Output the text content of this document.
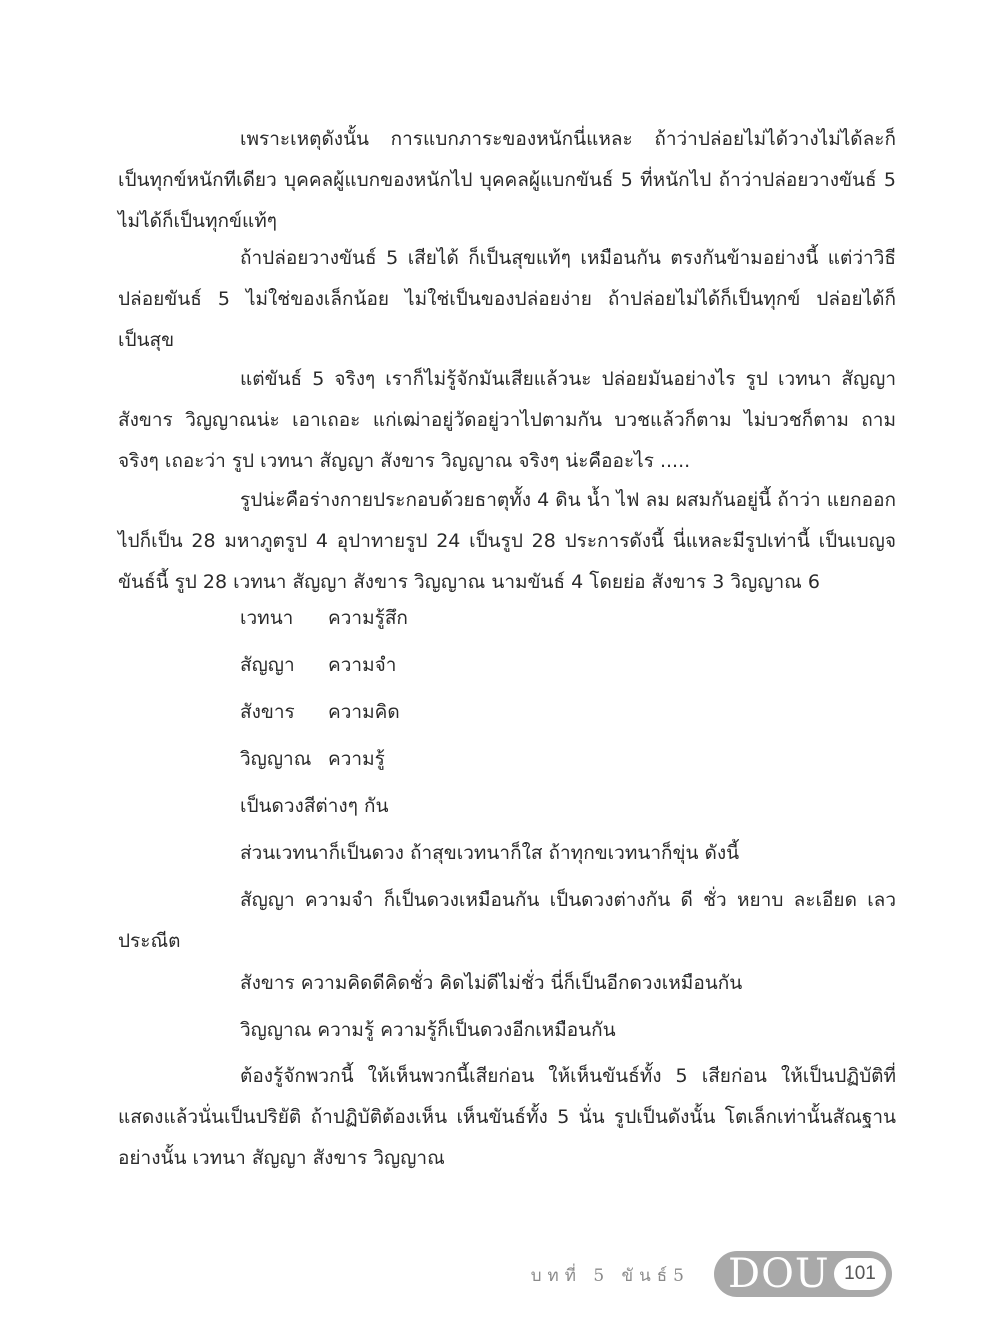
เพราะเหตุดังนั้น การแบกภาระของหนักนี่แหละ ถ้าว่าปล่อยไม่ได้วางไม่ได้ละก็เป็นทุกข์หนักทีเดียว บุคคลผู้แบกของหนักไป บุคคลผู้แบกขันธ์ 5 ที่หนักไป ถ้าว่าปล่อยวางขันธ์ 5 ไม่ได้ก็เป็นทุกข์แท้ๆ

ถ้าปล่อยวางขันธ์ 5 เสียได้ ก็เป็นสุขแท้ๆ เหมือนกัน ตรงกันข้ามอย่างนี้ แต่ว่าวิธีปล่อยขันธ์ 5 ไม่ใช่ของเล็กน้อย ไม่ใช่เป็นของปล่อยง่าย ถ้าปล่อยไม่ได้ก็เป็นทุกข์ ปล่อยได้ก็เป็นสุข

แต่ขันธ์ 5 จริงๆ เราก็ไม่รู้จักมันเสียแล้วนะ ปล่อยมันอย่างไร รูป เวทนา สัญญา สังขาร วิญญาณน่ะ เอาเถอะ แก่เฒ่าอยู่วัดอยู่วาไปตามกัน บวชแล้วก็ตาม ไม่บวชก็ตาม ถามจริงๆ เถอะว่า รูป เวทนา สัญญา สังขาร วิญญาณ จริงๆ น่ะคืออะไร .....

รูปน่ะคือร่างกายประกอบด้วยธาตุทั้ง 4 ดิน น้ำ ไฟ ลม ผสมกันอยู่นี้ ถ้าว่า แยกออกไปก็เป็น 28 มหาภูตรูป 4 อุปาทายรูป 24 เป็นรูป 28 ประการดังนี้ นี่แหละมีรูปเท่านี้ เป็นเบญจขันธ์นี้ รูป 28 เวทนา สัญญา สังขาร วิญญาณ นามขันธ์ 4 โดยย่อ สังขาร 3 วิญญาณ 6

เวทนา ความรู้สึก
สัญญา ความจำ
สังขาร ความคิด
วิญญาณ ความรู้
เป็นดวงสีต่างๆ กัน
ส่วนเวทนาก็เป็นดวง ถ้าสุขเวทนาก็ใส ถ้าทุกขเวทนาก็ขุ่น ดังนี้

สัญญา ความจำ ก็เป็นดวงเหมือนกัน เป็นดวงต่างกัน ดี ชั่ว หยาบ ละเอียด เลวประณีต

สังขาร ความคิดดีคิดชั่ว คิดไม่ดีไม่ชั่ว นี่ก็เป็นอีกดวงเหมือนกัน
วิญญาณ ความรู้ ความรู้ก็เป็นดวงอีกเหมือนกัน

ต้องรู้จักพวกนี้ ให้เห็นพวกนี้เสียก่อน ให้เห็นขันธ์ทั้ง 5 เสียก่อน ให้เป็นปฏิบัติที่แสดงแล้วนั่นเป็นปริยัติ ถ้าปฏิบัติต้องเห็น เห็นขันธ์ทั้ง 5 นั่น รูปเป็นดังนั้น โตเล็กเท่านั้นสัณฐานอย่างนั้น เวทนา สัญญา สังขาร วิญญาณ

บทที่ 5 ขันธ์5 DOU 101
